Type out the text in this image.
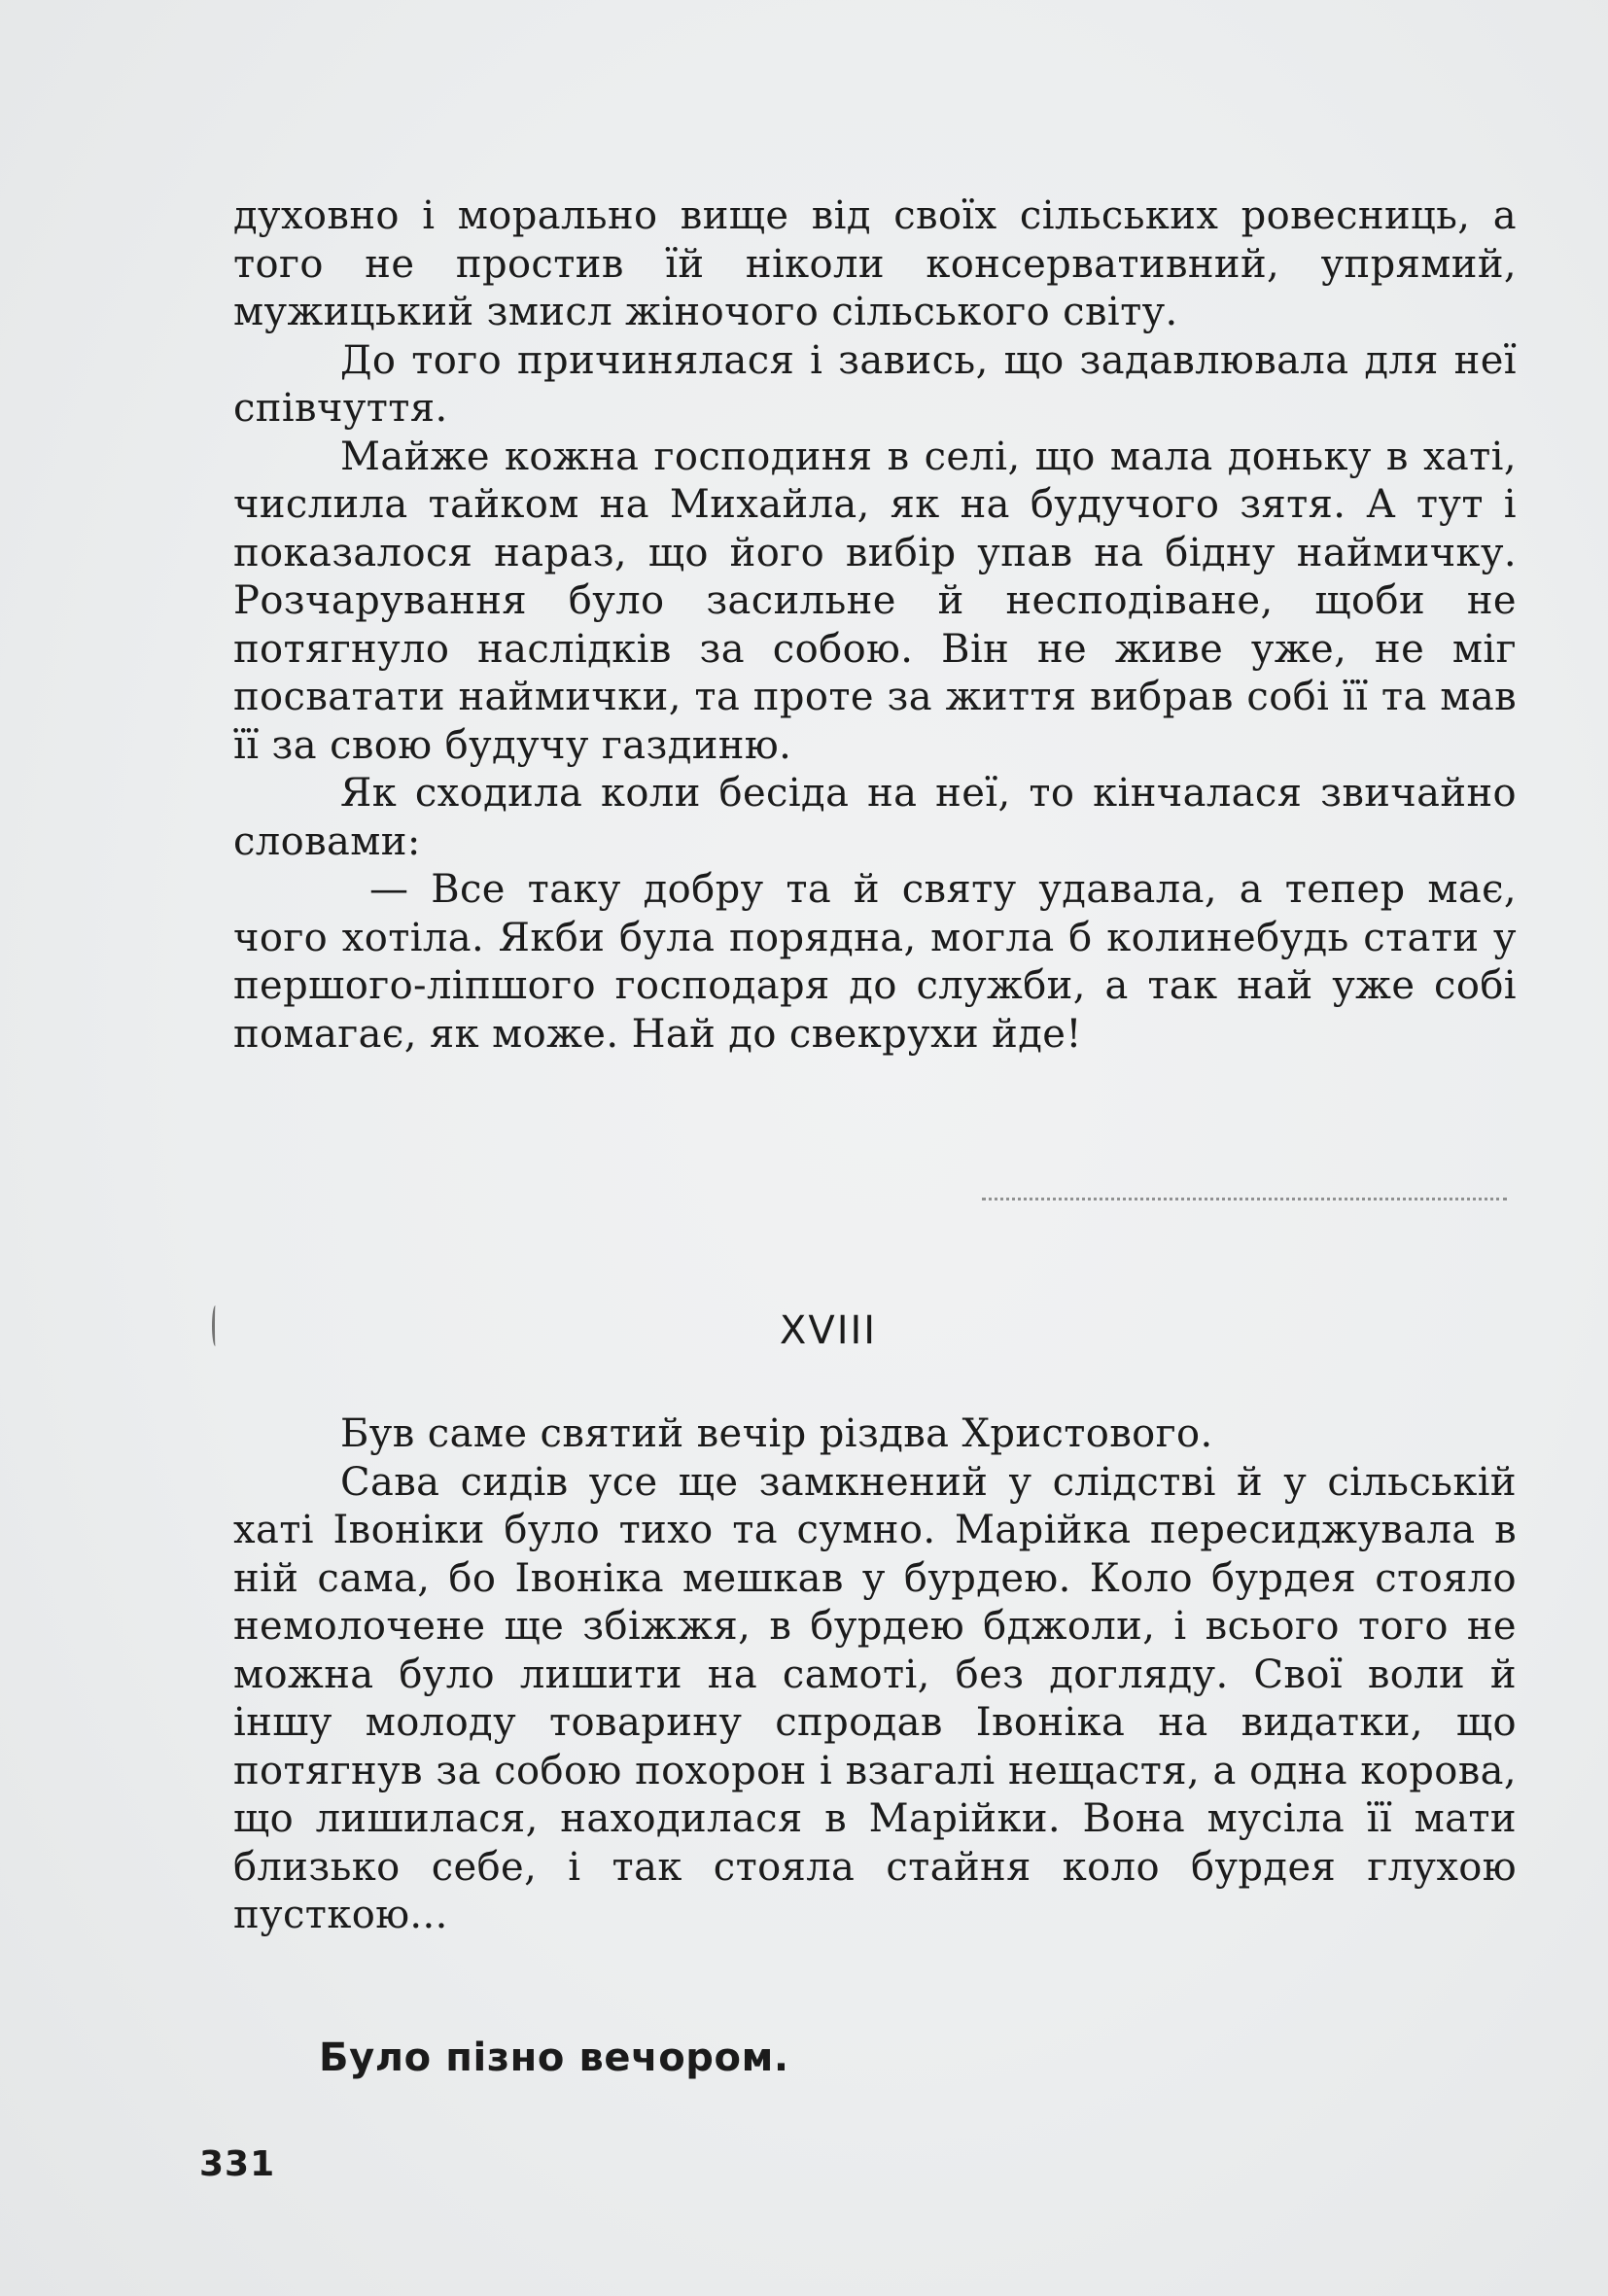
духовно і морально вище від своїх сільських ровесниць, а того не простив їй ніколи консервативний, упрямий, мужицький змисл жіночого сільського світу.

До того причинялася і завись, що задавлювала для неї співчуття.

Майже кожна господиня в селі, що мала доньку в хаті, числила тайком на Михайла, як на будучого зятя. А тут і показалося нараз, що його вибір упав на бідну наймичку. Розчарування було засильне й несподіване, щоби не потягнуло наслідків за собою. Він не живе уже, не міг посватати наймички, та проте за життя вибрав собі її та мав її за свою будучу газдиню.

Як сходила коли бесіда на неї, то кінчалася звичайно словами:

— Все таку добру та й святу удавала, а тепер має, чого хотіла. Якби була порядна, могла б колинебудь стати у першого-ліпшого господаря до служби, а так най уже собі помагає, як може. Най до свекрухи йде!

XVIII

Був саме святий вечір різдва Христового.

Сава сидів усе ще замкнений у слідстві й у сільській хаті Івоніки було тихо та сумно. Марійка пересиджувала в ній сама, бо Івоніка мешкав у бурдею. Коло бурдея стояло немолочене ще збіжжя, в бурдею бджоли, і всього того не можна було лишити на самоті, без догляду. Свої воли й іншу молоду товарину спродав Івоніка на видатки, що потягнув за собою похорон і взагалі нещастя, а одна корова, що лишилася, находилася в Марійки. Вона мусіла її мати близько себе, і так стояла стайня коло бурдея глухою пусткою...

Було пізно вечором.
331
